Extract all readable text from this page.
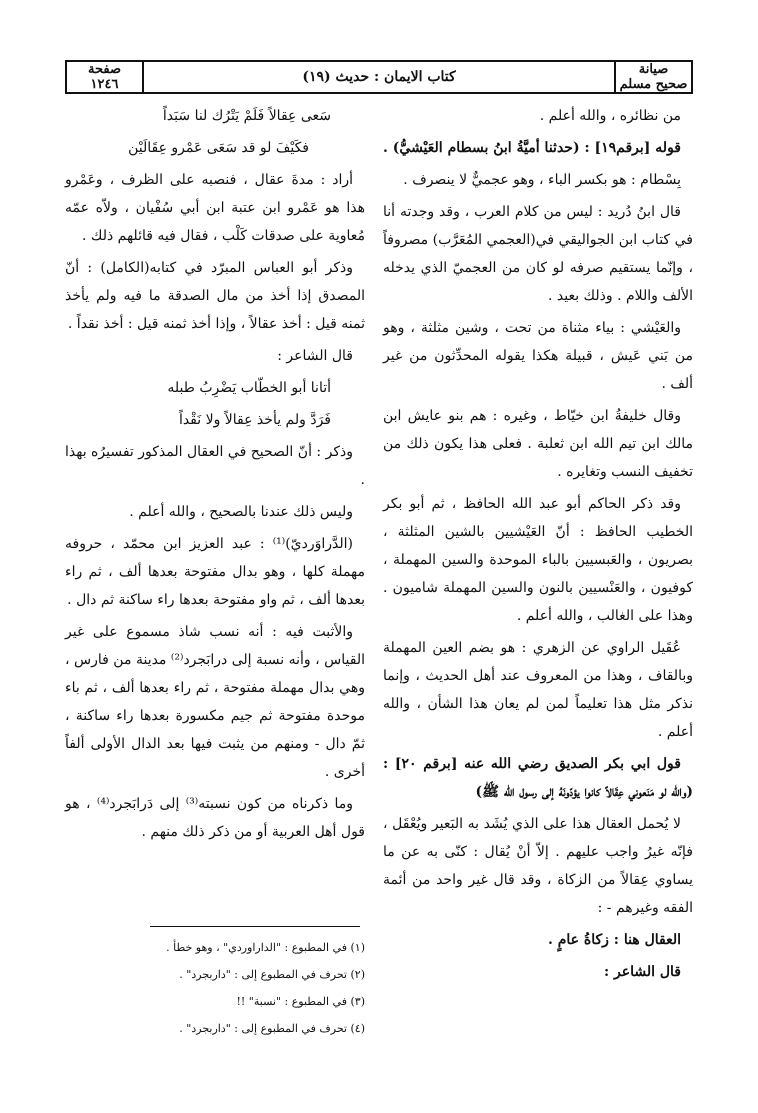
صيانة
صحيح مسلم
كتاب الايمان : حديث (١٩)
صفحة
١٢٤٦

من نظائره ، والله أعلم .

قوله [برقم١٩] : (حدثنا أميَّةُ ابنُ بسطام العَيْشيُّ) .

بِسْطام : هو بكسر الباء ، وهو عجميٌّ لا ينصرف .

قال ابنُ دُريد : ليس من كلام العرب ، وقد وجدته أنا في كتاب ابن الجواليقي في(العجمي المُعَرَّب) مصروفاً ، وإنّما يستقيم صرفه لو كان من العجميّ الذي يدخله الألف واللام . وذلك بعيد .

والعَيْشي : بياء مثناة من تحت ، وشين مثلثة ، وهو من بَني عَيش ، قبيلة هكذا يقوله المحدِّثون من غير ألف .

وقال خليفةُ ابن خيّاط ، وغيره : هم بنو عايش ابن مالك ابن تيم الله ابن ثعلبة . فعلى هذا يكون ذلك من تخفيف النسب وتغايره .

وقد ذكر الحاكم أبو عبد الله الحافظ ، ثم أبو بكر الخطيب الحافظ : أنّ العَيْشيين بالشين المثلثة ، بصريون ، والعَبسيين بالباء الموحدة والسين المهملة ، كوفيون ، والعَنْسيين بالنون والسين المهملة شاميون . وهذا على الغالب ، والله أعلم .

عُقَيل الراوي عن الزهري : هو بضم العين المهملة وبالقاف ، وهذا من المعروف عند أهل الحديث ، وإنما نذكر مثل هذا تعليماً لمن لم يعان هذا الشأن ، والله أعلم .

قول ابي بكر الصديق رضي الله عنه [برقم ٢٠] : (والله لو مَنَعوني عِقَالاً كانوا يؤدّونَهُ إلى رسول الله ﷺ)

لا يُحمل العقال هذا على الذي يُشَد به البَعير ويُعْقَل ، فإنّه غيرُ واجب عليهم . إلاّ أنْ يُقال : كنّى به عن ما يساوي عِقالاً من الزكاة ، وقد قال غير واحد من أئمة الفقه وغيرهم - :

العقال هنا : زكاةُ عامٍ .

قال الشاعر :

سَعى عِقالاً فَلَمْ يَتْرُك لنا سَبَداً

فكَيْفَ لو قد سَعَى عَمْرو عِقَالَيْن

أراد : مدةَ عقال ، فنصبه على الظرف ، وعَمْرو هذا هو عَمْرو ابن عتبة ابن أبي سُفْيان ، ولاّه عمّه مُعاوية على صدقات كَلْب ، فقال فيه قائلهم ذلك .

وذكر أبو العباس المبرّد في كتابه(الكامل) : أنّ المصدق إذا أخذ من مال الصدقة ما فيه ولم يأخذ ثمنه قيل : أخذ عقالاً ، وإذا أخذ ثمنه قيل : أخذ نقداً .

قال الشاعر :

أتانا أبو الخطّاب يَضْرِبُ طبله

فَرَدَّ ولم يأخذ عِقالاً ولا نَقْداً

وذكر : أنّ الصحيح في العقال المذكور تفسيرُه بهذا .

وليس ذلك عندنا بالصحيح ، والله أعلم .

(الدَّراوَرديّ)⁽¹⁾ : عبد العزيز ابن محمّد ، حروفه مهملة كلها ، وهو بدال مفتوحة بعدها ألف ، ثم راء بعدها ألف ، ثم واو مفتوحة بعدها راء ساكنة ثم دال .

والأثبت فيه : أنه نسب شاذ مسموع على غير القياس ، وأنه نسبة إلى درابَجرد⁽²⁾ مدينة من فارس ، وهي بدال مهملة مفتوحة ، ثم راء بعدها ألف ، ثم باء موحدة مفتوحة ثم جيم مكسورة بعدها راء ساكنة ، ثمّ دال - ومنهم من يثبت فيها بعد الدال الأولى ألفاً أخرى .

وما ذكرناه من كون نسبته⁽³⁾ إلى دَرابَجرد⁽⁴⁾ ، هو قول أهل العربية أو من ذكر ذلك منهم .

(١) في المطبوع : "الداراوردي" ، وهو خطأ .
(٢) تحرف في المطبوع إلى : "داربجرد" .
(٣) في المطبوع : "نسبة" !!
(٤) تحرف في المطبوع إلى : "داربجرد" .
